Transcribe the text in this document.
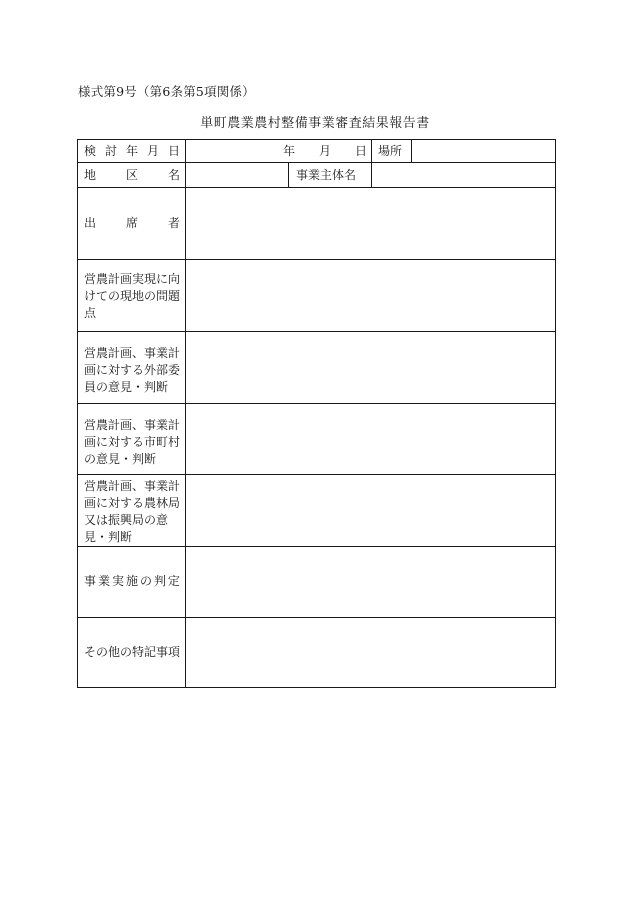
様式第9号（第6条第5項関係）
単町農業農村整備事業審査結果報告書
検 討 年 月 日	年 月 日 場所
地 区 名	事業主体名
出 席 者
営農計画実現に向
けての現地の問題
点
営農計画、事業計
画に対する外部委
員の意見・判断
営農計画、事業計
画に対する市町村
の意見・判断
営農計画、事業計
画に対する農林局
又は振興局の意
見・判断
事 業 実 施 の 判 定
その他の特記事項
